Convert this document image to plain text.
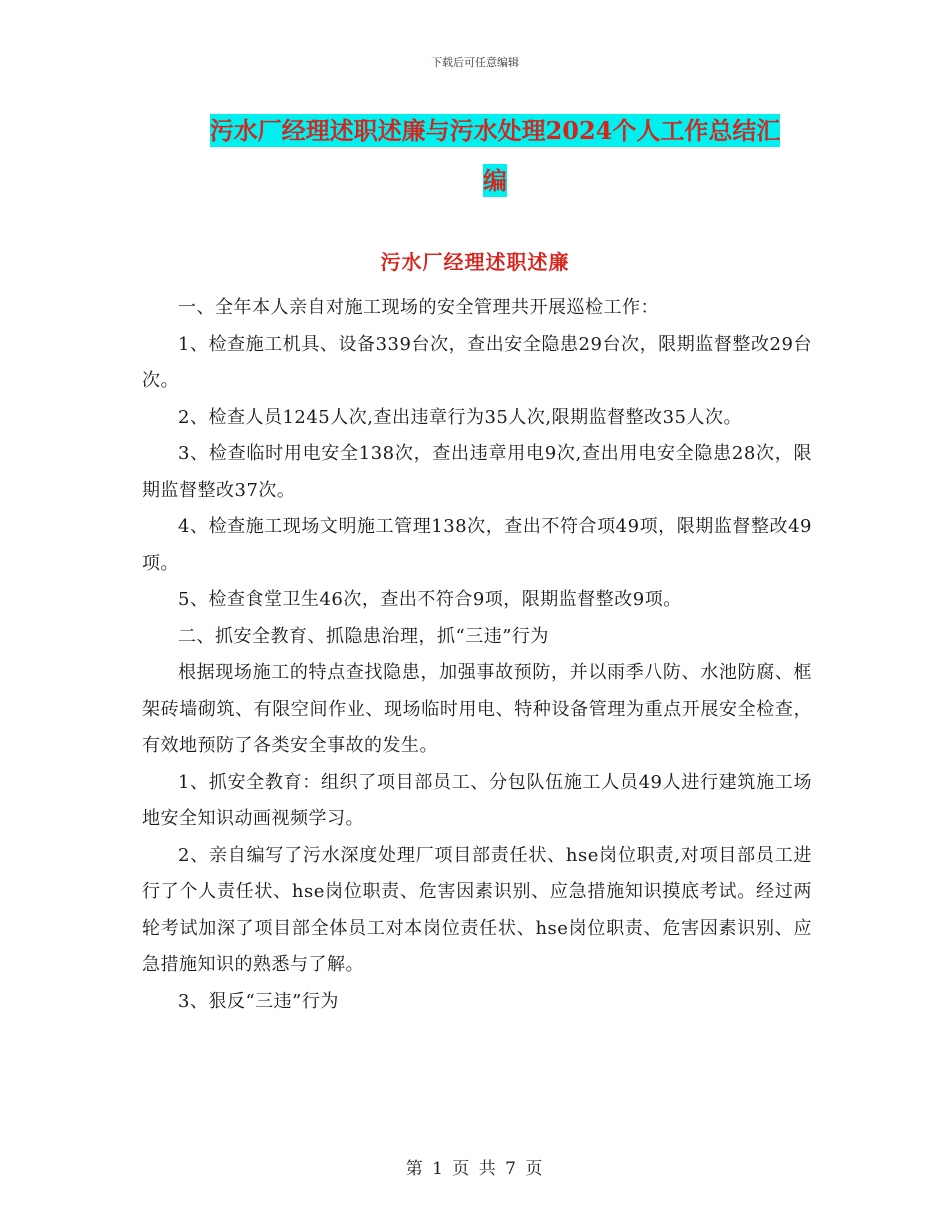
下载后可任意编辑
污水厂经理述职述廉与污水处理2024个人工作总结汇
编
污水厂经理述职述廉

一、全年本人亲自对施工现场的安全管理共开展巡检工作：

1、检查施工机具、设备339台次，查出安全隐患29台次，限期监督整改29台次。

2、检查人员1245人次,查出违章行为35人次,限期监督整改35人次。

3、检查临时用电安全138次，查出违章用电9次,查出用电安全隐患28次，限期监督整改37次。

4、检查施工现场文明施工管理138次，查出不符合项49项，限期监督整改49项。

5、检查食堂卫生46次，查出不符合9项，限期监督整改9项。

二、抓安全教育、抓隐患治理，抓“三违”行为

根据现场施工的特点查找隐患，加强事故预防，并以雨季八防、水池防腐、框架砖墙砌筑、有限空间作业、现场临时用电、特种设备管理为重点开展安全检查，有效地预防了各类安全事故的发生。

1、抓安全教育：组织了项目部员工、分包队伍施工人员49人进行建筑施工场地安全知识动画视频学习。

2、亲自编写了污水深度处理厂项目部责任状、hse岗位职责,对项目部员工进行了个人责任状、hse岗位职责、危害因素识别、应急措施知识摸底考试。经过两轮考试加深了项目部全体员工对本岗位责任状、hse岗位职责、危害因素识别、应急措施知识的熟悉与了解。

3、狠反“三违”行为

第 1 页 共 7 页
